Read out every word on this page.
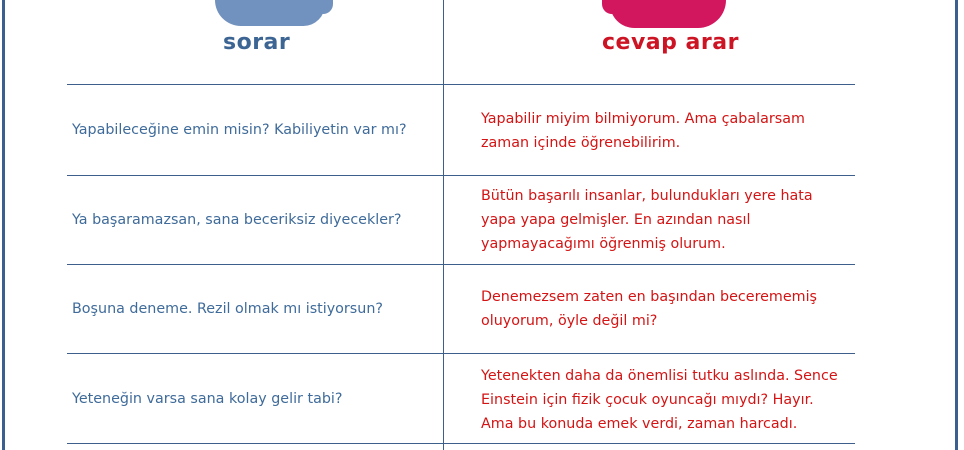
sorar	cevap arar
Yapabileceğine emin misin? Kabiliyetin var mı?
Yapabilir miyim bilmiyorum. Ama çabalarsam
zaman içinde öğrenebilirim.
Ya başaramazsan, sana beceriksiz diyecekler?
Bütün başarılı insanlar, bulundukları yere hata
yapa yapa gelmişler. En azından nasıl
yapmayacağımı öğrenmiş olurum.
Boşuna deneme. Rezil olmak mı istiyorsun?
Denemezsem zaten en başından becerememiş
oluyorum, öyle değil mi?
Yeteneğin varsa sana kolay gelir tabi?
Yetenekten daha da önemlisi tutku aslında. Sence
Einstein için fizik çocuk oyuncağı mıydı? Hayır.
Ama bu konuda emek verdi, zaman harcadı.
